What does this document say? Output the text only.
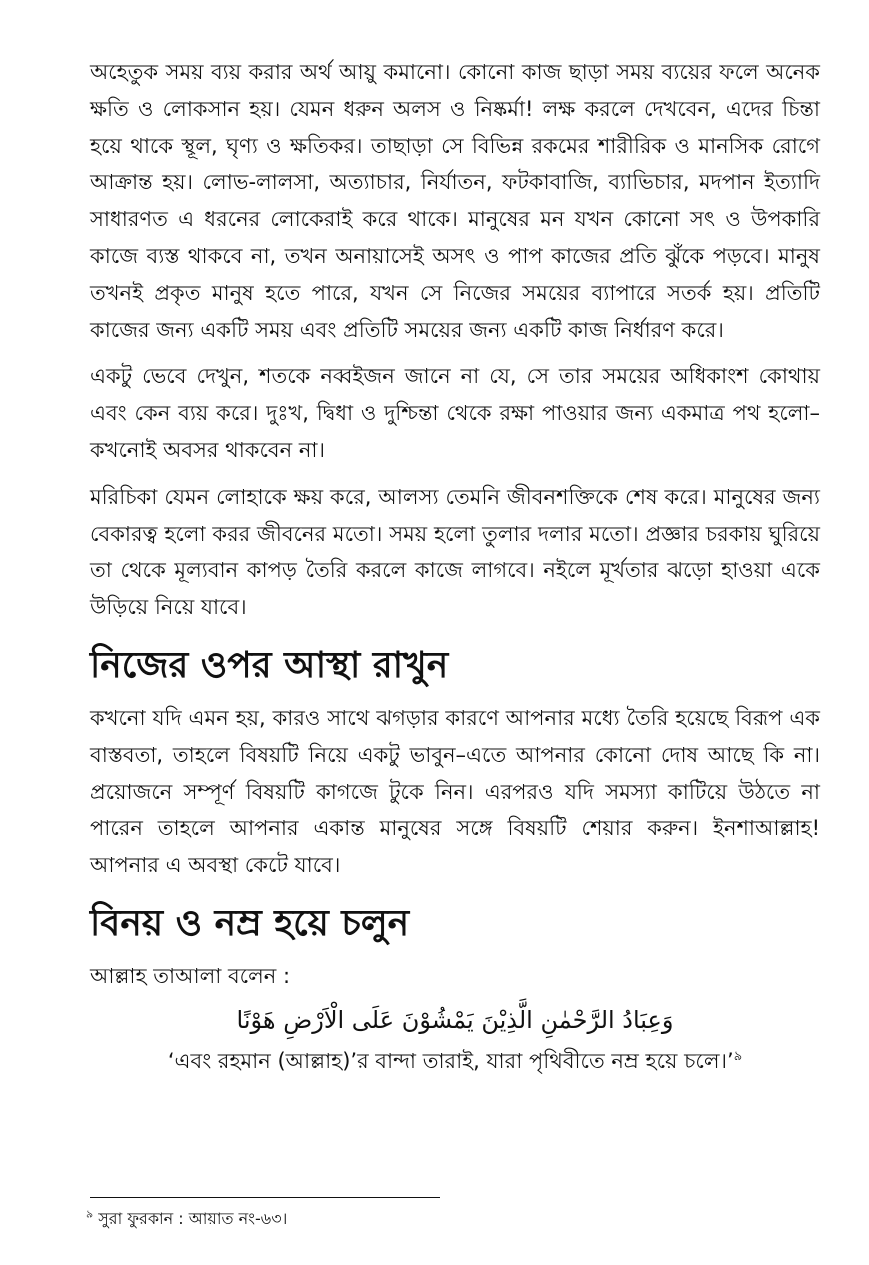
অহেতুক সময় ব্যয় করার অর্থ আয়ু কমানো। কোনো কাজ ছাড়া সময় ব্যয়ের ফলে অনেক ক্ষতি ও লোকসান হয়। যেমন ধরুন অলস ও নিষ্কর্মা! লক্ষ করলে দেখবেন, এদের চিন্তা হয়ে থাকে স্থূল, ঘৃণ্য ও ক্ষতিকর। তাছাড়া সে বিভিন্ন রকমের শারীরিক ও মানসিক রোগে আক্রান্ত হয়। লোভ-লালসা, অত্যাচার, নির্যাতন, ফটকাবাজি, ব্যাভিচার, মদপান ইত্যাদি সাধারণত এ ধরনের লোকেরাই করে থাকে। মানুষের মন যখন কোনো সৎ ও উপকারি কাজে ব্যস্ত থাকবে না, তখন অনায়াসেই অসৎ ও পাপ কাজের প্রতি ঝুঁকে পড়বে। মানুষ তখনই প্রকৃত মানুষ হতে পারে, যখন সে নিজের সময়ের ব্যাপারে সতর্ক হয়। প্রতিটি কাজের জন্য একটি সময় এবং প্রতিটি সময়ের জন্য একটি কাজ নির্ধারণ করে।

একটু ভেবে দেখুন, শতকে নব্বইজন জানে না যে, সে তার সময়ের অধিকাংশ কোথায় এবং কেন ব্যয় করে। দুঃখ, দ্বিধা ও দুশ্চিন্তা থেকে রক্ষা পাওয়ার জন্য একমাত্র পথ হলো–কখনোই অবসর থাকবেন না।

মরিচিকা যেমন লোহাকে ক্ষয় করে, আলস্য তেমনি জীবনশক্তিকে শেষ করে। মানুষের জন্য বেকারত্ব হলো করর জীবনের মতো। সময় হলো তুলার দলার মতো। প্রজ্ঞার চরকায় ঘুরিয়ে তা থেকে মূল্যবান কাপড় তৈরি করলে কাজে লাগবে। নইলে মূর্খতার ঝড়ো হাওয়া একে উড়িয়ে নিয়ে যাবে।

নিজের ওপর আস্থা রাখুন

কখনো যদি এমন হয়, কারও সাথে ঝগড়ার কারণে আপনার মধ্যে তৈরি হয়েছে বিরূপ এক বাস্তবতা, তাহলে বিষয়টি নিয়ে একটু ভাবুন–এতে আপনার কোনো দোষ আছে কি না। প্রয়োজনে সম্পূর্ণ বিষয়টি কাগজে টুকে নিন। এরপরও যদি সমস্যা কাটিয়ে উঠতে না পারেন তাহলে আপনার একান্ত মানুষের সঙ্গে বিষয়টি শেয়ার করুন। ইনশাআল্লাহ! আপনার এ অবস্থা কেটে যাবে।

বিনয় ও নম্র হয়ে চলুন
আল্লাহ তাআলা বলেন :

وَعِبَادُ الرَّحْمٰنِ الَّذِيْنَ يَمْشُوْنَ عَلَى الْاَرْضِ هَوْنًا

‘এবং রহমান (আল্লাহ)’র বান্দা তারাই, যারা পৃথিবীতে নম্র হয়ে চলে।’$^৯$

$^৯$ সুরা ফুরকান : আয়াত নং-৬৩।
